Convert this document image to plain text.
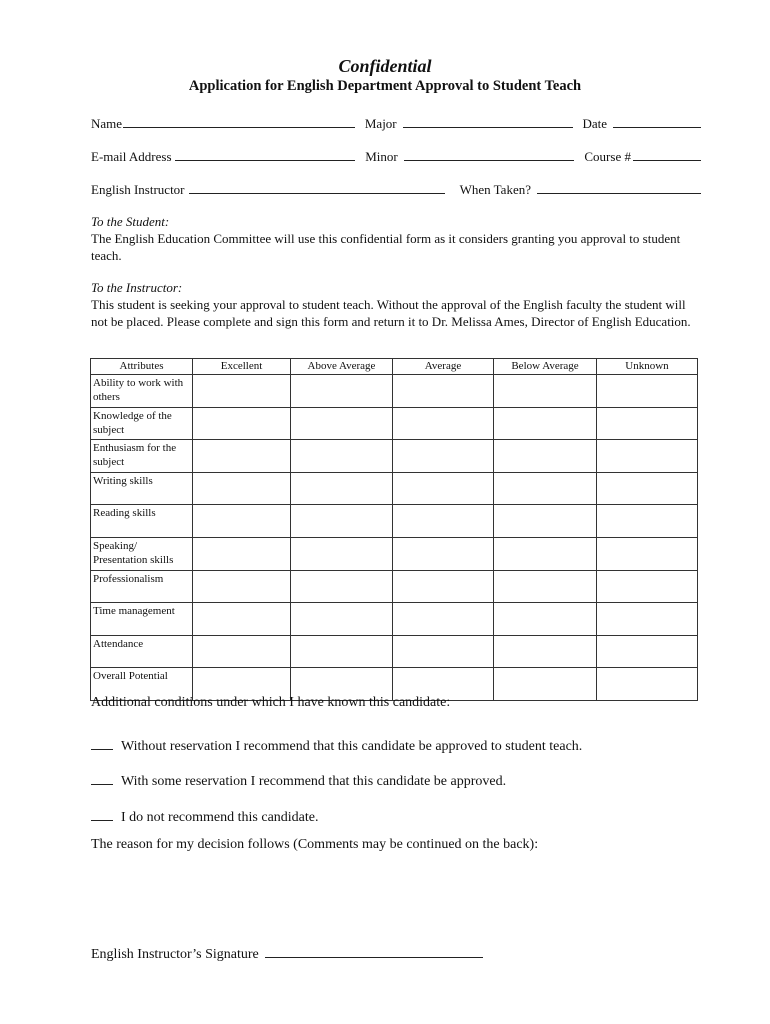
Confidential
Application for English Department Approval to Student Teach
Name	Major	Date
E-mail Address	Minor	Course #
English Instructor	When Taken?
To the Student:
The English Education Committee will use this confidential form as it considers granting you approval to student teach.
To the Instructor:
This student is seeking your approval to student teach. Without the approval of the English faculty the student will not be placed. Please complete and sign this form and return it to Dr. Melissa Ames, Director of English Education.
Attributes	Excellent	Above Average	Average	Below Average	Unknown
Ability to work with others					
Knowledge of the subject					
Enthusiasm for the subject					
Writing skills					
Reading skills					
Speaking/ Presentation skills					
Professionalism					
Time management					
Attendance					
Overall Potential					
Additional conditions under which I have known this candidate:
Without reservation I recommend that this candidate be approved to student teach.
With some reservation I recommend that this candidate be approved.
I do not recommend this candidate.
The reason for my decision follows (Comments may be continued on the back):
English Instructor’s Signature
